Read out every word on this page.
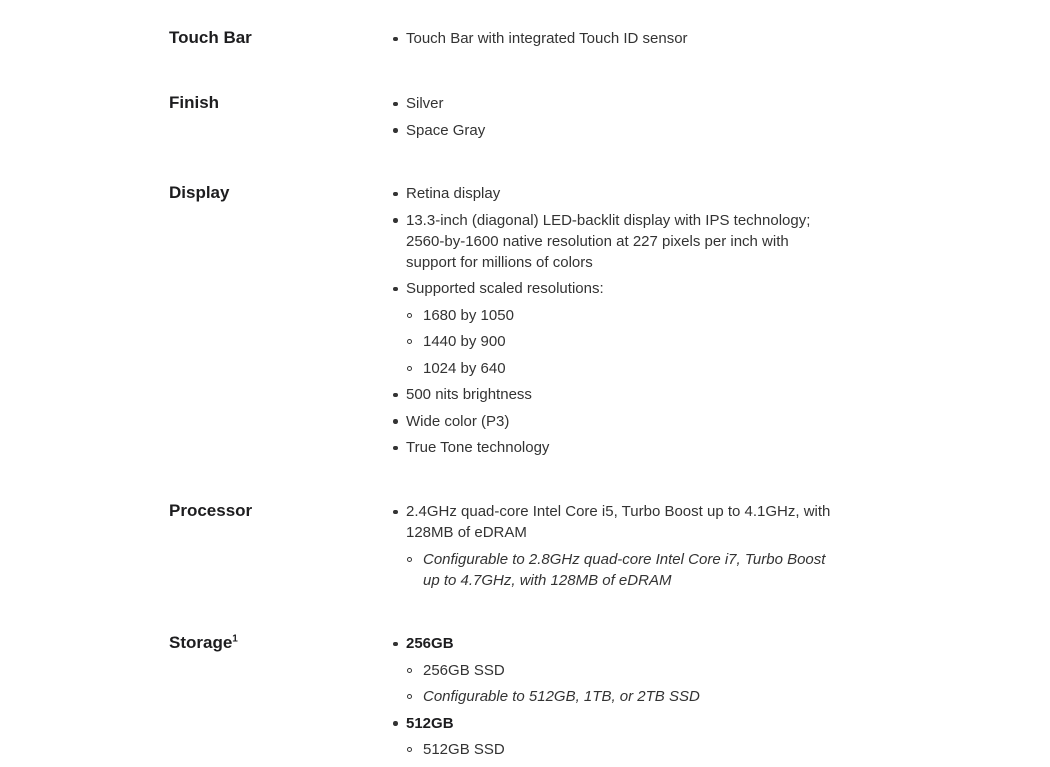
Touch Bar	Touch Bar with integrated Touch ID sensor
Finish	Silver
Space Gray
Display	Retina display
13.3-inch (diagonal) LED-backlit display with IPS technology; 2560-by-1600 native resolution at 227 pixels per inch with support for millions of colors
Supported scaled resolutions:
1680 by 1050
1440 by 900
1024 by 640
500 nits brightness
Wide color (P3)
True Tone technology
Processor	2.4GHz quad-core Intel Core i5, Turbo Boost up to 4.1GHz, with 128MB of eDRAM
Configurable to 2.8GHz quad-core Intel Core i7, Turbo Boost up to 4.7GHz, with 128MB of eDRAM
Storage$^1$	256GB
256GB SSD
Configurable to 512GB, 1TB, or 2TB SSD
512GB
512GB SSD
